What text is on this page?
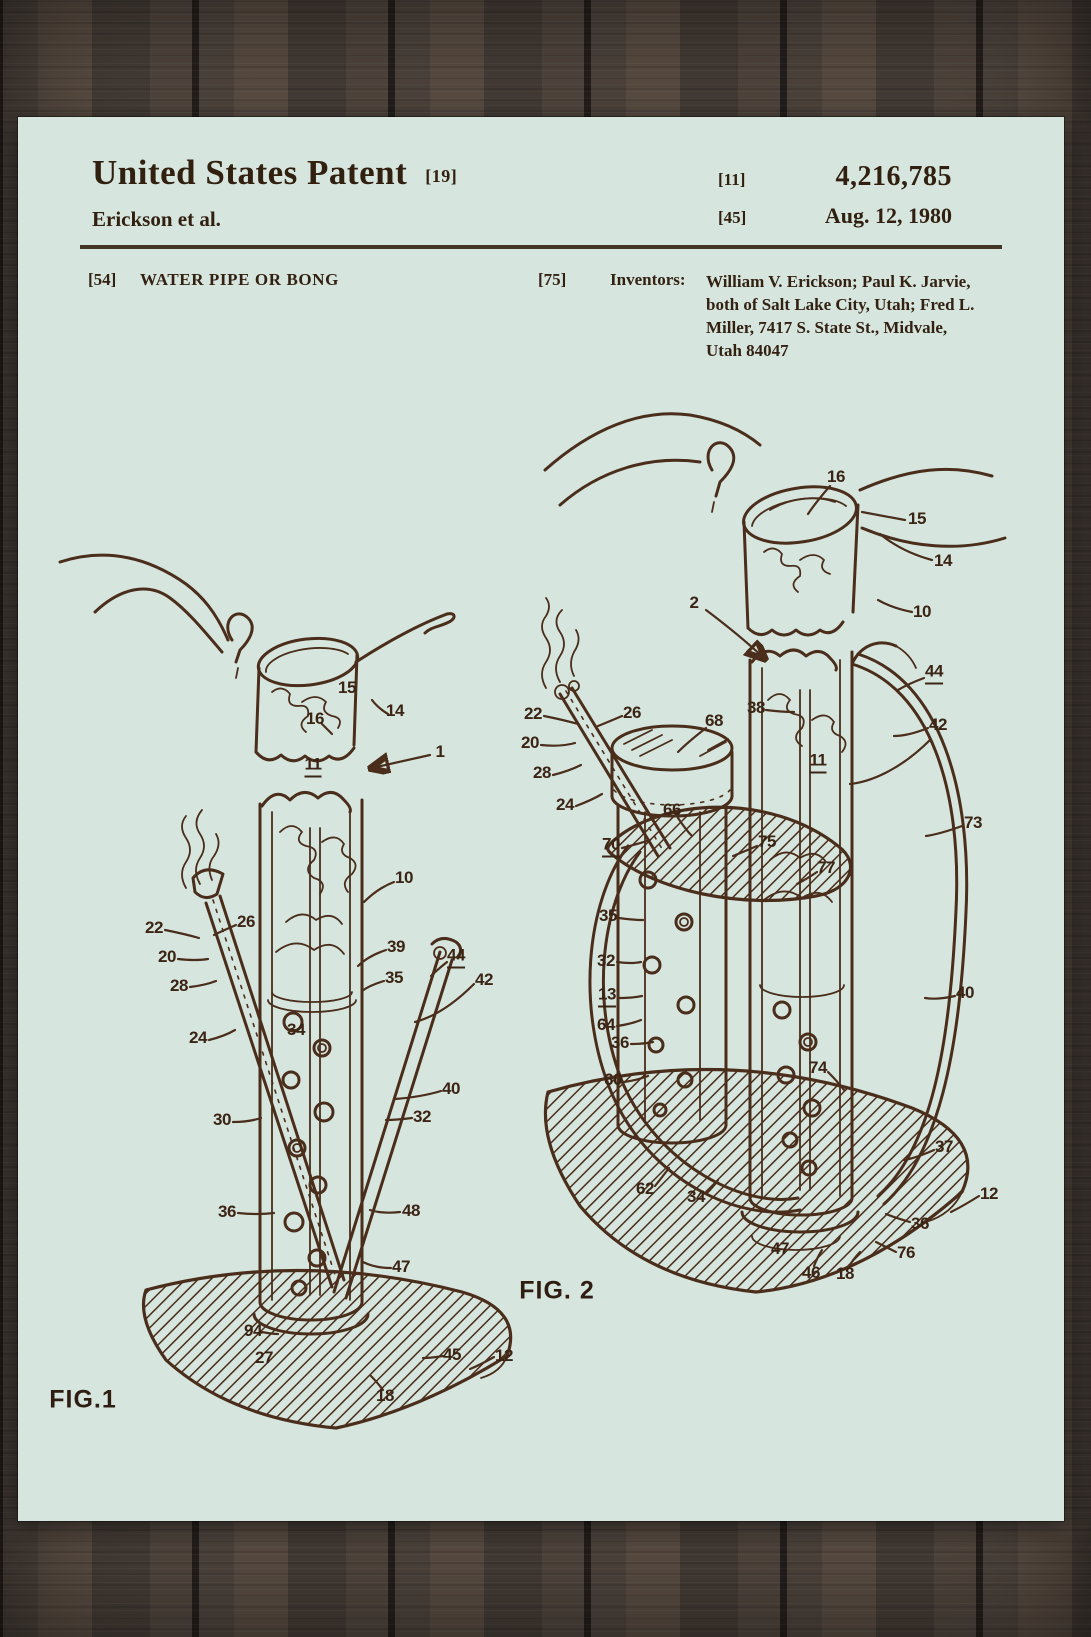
United States Patent [19]
Erickson et al.
[11]	4,216,785
[45]	Aug. 12, 1980
[54] WATER PIPE OR BONG	[75]	Inventors: William V. Erickson; Paul K. Jarvie, both of Salt Lake City, Utah; Fred L. Miller, 7417 S. State St., Midvale, Utah 84047
15
16
11
14
1
10
39
35
44
42
22	26
20
28
24	34
30	32
40
36	48
47
94
27	45 12
18
16
15
14
10
2
44
42
38
22	26
20
28
24
68
66
70	75
77
11
73
35
32
13
64
36
60
74
40
62 34
37
36
76
47
46 18
12
FIG.1
FIG. 2
